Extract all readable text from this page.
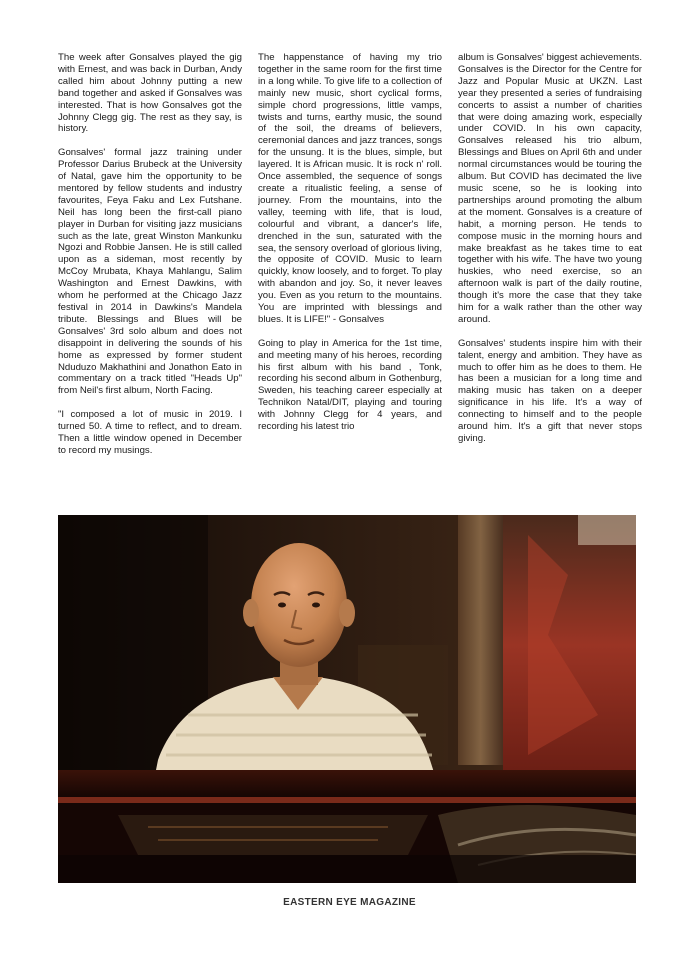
The week after Gonsalves played the gig with Ernest, and was back in Durban, Andy called him about Johnny putting a new band together and asked if Gonsalves was interested. That is how Gonsalves got the Johnny Clegg gig. The rest as they say, is history.

Gonsalves' formal jazz training under Professor Darius Brubeck at the University of Natal, gave him the opportunity to be mentored by fellow students and industry favourites, Feya Faku and Lex Futshane. Neil has long been the first-call piano player in Durban for visiting jazz musicians such as the late, great Winston Mankunku Ngozi and Robbie Jansen. He is still called upon as a sideman, most recently by McCoy Mrubata, Khaya Mahlangu, Salim Washington and Ernest Dawkins, with whom he performed at the Chicago Jazz festival in 2014 in Dawkins's Mandela tribute. Blessings and Blues will be Gonsalves' 3rd solo album and does not disappoint in delivering the sounds of his home as expressed by former student Nduduzo Makhathini and Jonathon Eato in commentary on a track titled "Heads Up" from Neil's first album, North Facing.

"I composed a lot of music in 2019. I turned 50. A time to reflect, and to dream. Then a little window opened in December to record my musings.

The happenstance of having my trio together in the same room for the first time in a long while. To give life to a collection of mainly new music, short cyclical forms, simple chord progressions, little vamps, twists and turns, earthy music, the sound of the soil, the dreams of believers, ceremonial dances and jazz trances, songs for the unsung. It is the blues, simple, but layered. It is African music. It is rock n' roll. Once assembled, the sequence of songs create a ritualistic feeling, a sense of journey. From the mountains, into the valley, teeming with life, that is loud, colourful and vibrant, a dancer's life, drenched in the sun, saturated with the sea, the sensory overload of glorious living, the opposite of COVID. Music to learn quickly, know loosely, and to forget. To play with abandon and joy. So, it never leaves you. Even as you return to the mountains. You are imprinted with blessings and blues. It is LIFE!" - Gonsalves

Going to play in America for the 1st time, and meeting many of his heroes, recording his first album with his band , Tonk, recording his second album in Gothenburg, Sweden, his teaching career especially at Technikon Natal/DIT, playing and touring with Johnny Clegg for 4 years, and recording his latest trio

album is Gonsalves' biggest achievements. Gonsalves is the Director for the Centre for Jazz and Popular Music at UKZN. Last year they presented a series of fundraising concerts to assist a number of charities that were doing amazing work, especially under COVID. In his own capacity, Gonsalves released his trio album, Blessings and Blues on April 6th and under normal circumstances would be touring the album. But COVID has decimated the live music scene, so he is looking into partnerships around promoting the album at the moment. Gonsalves is a creature of habit, a morning person. He tends to compose music in the morning hours and make breakfast as he takes time to eat together with his wife. The have two young huskies, who need exercise, so an afternoon walk is part of the daily routine, though it's more the case that they take him for a walk rather than the other way around.

Gonsalves' students inspire him with their talent, energy and ambition. They have as much to offer him as he does to them. He has been a musician for a long time and making music has taken on a deeper significance in his life. It's a way of connecting to himself and to the people around him. It's a gift that never stops giving.

EASTERN EYE MAGAZINE
